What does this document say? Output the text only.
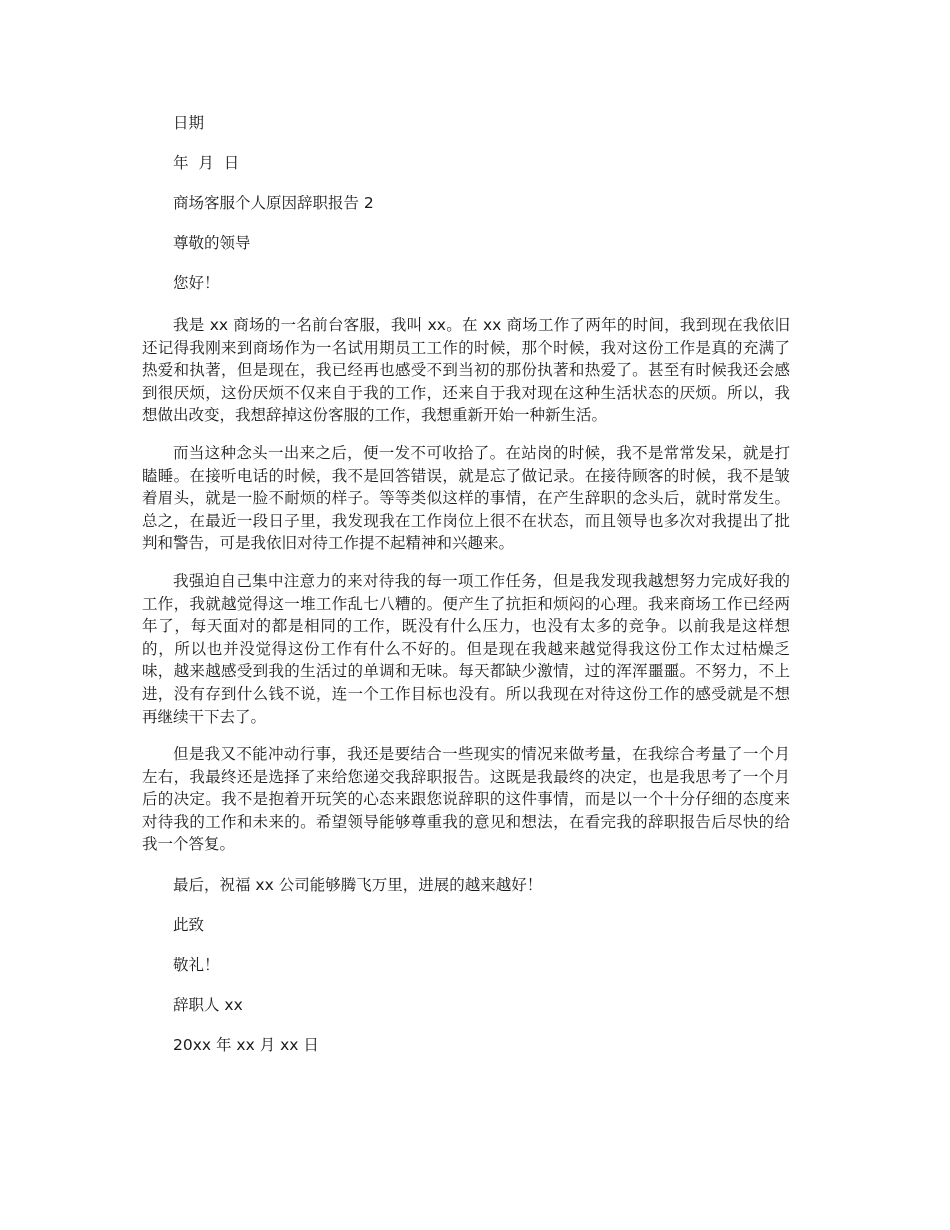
日期
年  月  日
商场客服个人原因辞职报告 2
尊敬的领导
您好！

我是 xx 商场的一名前台客服，我叫 xx。在 xx 商场工作了两年的时间，我到现在我依旧还记得我刚来到商场作为一名试用期员工工作的时候，那个时候，我对这份工作是真的充满了热爱和执著，但是现在，我已经再也感受不到当初的那份执著和热爱了。甚至有时候我还会感到很厌烦，这份厌烦不仅来自于我的工作，还来自于我对现在这种生活状态的厌烦。所以，我想做出改变，我想辞掉这份客服的工作，我想重新开始一种新生活。

而当这种念头一出来之后，便一发不可收拾了。在站岗的时候，我不是常常发呆，就是打瞌睡。在接听电话的时候，我不是回答错误，就是忘了做记录。在接待顾客的时候，我不是皱着眉头，就是一脸不耐烦的样子。等等类似这样的事情，在产生辞职的念头后，就时常发生。总之，在最近一段日子里，我发现我在工作岗位上很不在状态，而且领导也多次对我提出了批判和警告，可是我依旧对待工作提不起精神和兴趣来。

我强迫自己集中注意力的来对待我的每一项工作任务，但是我发现我越想努力完成好我的工作，我就越觉得这一堆工作乱七八糟的。便产生了抗拒和烦闷的心理。我来商场工作已经两年了，每天面对的都是相同的工作，既没有什么压力，也没有太多的竞争。以前我是这样想的，所以也并没觉得这份工作有什么不好的。但是现在我越来越觉得我这份工作太过枯燥乏味，越来越感受到我的生活过的单调和无味。每天都缺少激情，过的浑浑噩噩。不努力，不上进，没有存到什么钱不说，连一个工作目标也没有。所以我现在对待这份工作的感受就是不想再继续干下去了。

但是我又不能冲动行事，我还是要结合一些现实的情况来做考量，在我综合考量了一个月左右，我最终还是选择了来给您递交我辞职报告。这既是我最终的决定，也是我思考了一个月后的决定。我不是抱着开玩笑的心态来跟您说辞职的这件事情，而是以一个十分仔细的态度来对待我的工作和未来的。希望领导能够尊重我的意见和想法，在看完我的辞职报告后尽快的给我一个答复。

最后，祝福 xx 公司能够腾飞万里，进展的越来越好！
此致
敬礼！
辞职人 xx
20xx 年 xx 月 xx 日
